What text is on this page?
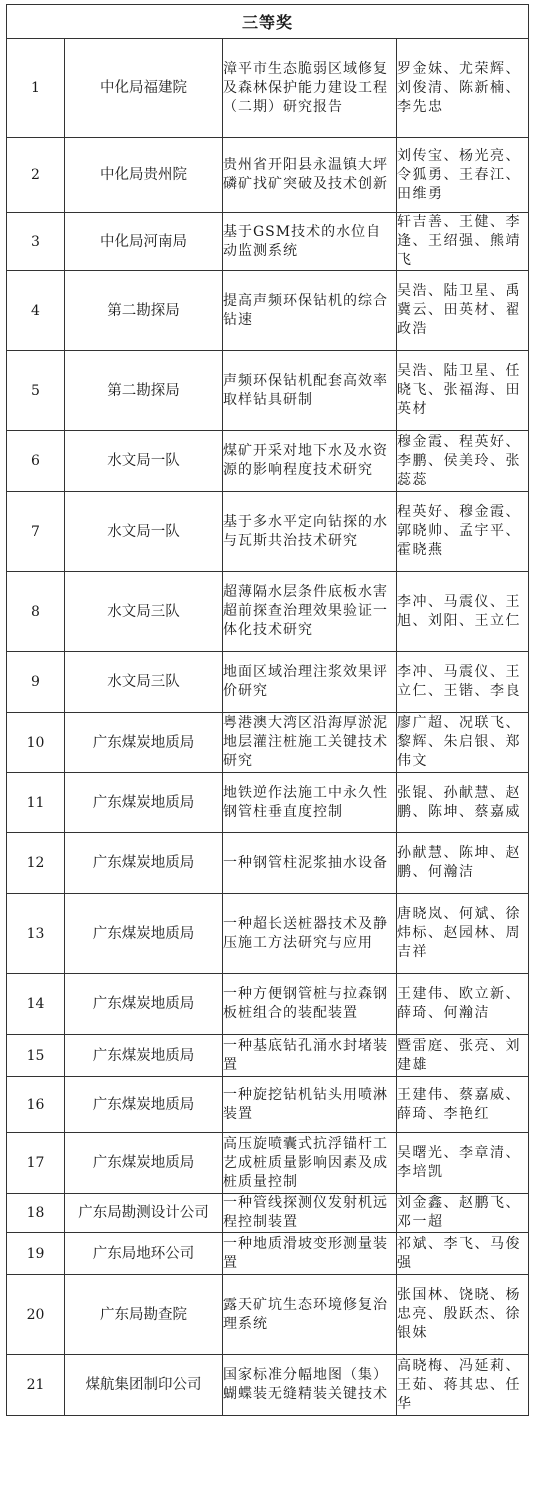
三等奖			
1	中化局福建院	漳平市生态脆弱区域修复及森林保护能力建设工程（二期）研究报告	罗金妹、尤荣辉、刘俊清、陈新楠、李先忠
2	中化局贵州院	贵州省开阳县永温镇大坪磷矿找矿突破及技术创新	刘传宝、杨光亮、令狐勇、王春江、田维勇
3	中化局河南局	基于GSM技术的水位自动监测系统	轩吉善、王健、李逢、王绍强、熊靖飞
4	第二勘探局	提高声频环保钻机的综合钻速	吴浩、陆卫星、禹冀云、田英材、翟政浩
5	第二勘探局	声频环保钻机配套高效率取样钻具研制	吴浩、陆卫星、任晓飞、张福海、田英材
6	水文局一队	煤矿开采对地下水及水资源的影响程度技术研究	穆金霞、程英好、李鹏、侯美玲、张蕊蕊
7	水文局一队	基于多水平定向钻探的水与瓦斯共治技术研究	程英好、穆金霞、郭晓帅、孟宇平、霍晓燕
8	水文局三队	超薄隔水层条件底板水害超前探查治理效果验证一体化技术研究	李冲、马震仪、王旭、刘阳、王立仁
9	水文局三队	地面区域治理注浆效果评价研究	李冲、马震仪、王立仁、王锴、李良
10	广东煤炭地质局	粤港澳大湾区沿海厚淤泥地层灌注桩施工关键技术研究	廖广超、况联飞、黎辉、朱启银、郑伟文
11	广东煤炭地质局	地铁逆作法施工中永久性钢管柱垂直度控制	张锟、孙献慧、赵鹏、陈坤、蔡嘉威
12	广东煤炭地质局	一种钢管柱泥浆抽水设备	孙献慧、陈坤、赵鹏、何瀚洁
13	广东煤炭地质局	一种超长送桩器技术及静压施工方法研究与应用	唐晓岚、何斌、徐炜标、赵园林、周吉祥
14	广东煤炭地质局	一种方便钢管桩与拉森钢板桩组合的装配装置	王建伟、欧立新、薛琦、何瀚洁
15	广东煤炭地质局	一种基底钻孔涌水封堵装置	暨雷庭、张亮、刘建雄
16	广东煤炭地质局	一种旋挖钻机钻头用喷淋装置	王建伟、蔡嘉威、薛琦、李艳红
17	广东煤炭地质局	高压旋喷囊式抗浮锚杆工艺成桩质量影响因素及成桩质量控制	吴曙光、李章清、李培凯
18	广东局勘测设计公司	一种管线探测仪发射机远程控制装置	刘金鑫、赵鹏飞、邓一超
19	广东局地环公司	一种地质滑坡变形测量装置	祁斌、李飞、马俊强
20	广东局勘查院	露天矿坑生态环境修复治理系统	张国林、饶晓、杨忠亮、殷跃杰、徐银妹
21	煤航集团制印公司	国家标准分幅地图（集）蝴蝶装无缝精装关键技术	高晓梅、冯延莉、王茹、蒋其忠、任华
